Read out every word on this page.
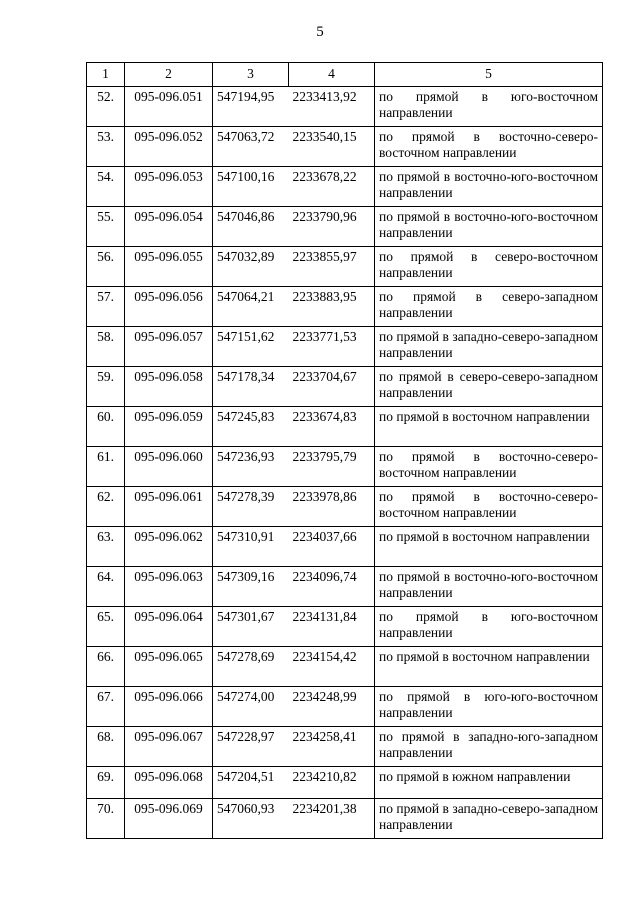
5
1	2	3	4	5
52.	095-096.051	547194,95	2233413,92	по прямой в юго-восточном направлении
53.	095-096.052	547063,72	2233540,15	по прямой в восточно-северо-восточном направлении
54.	095-096.053	547100,16	2233678,22	по прямой в восточно-юго-восточном направлении
55.	095-096.054	547046,86	2233790,96	по прямой в восточно-юго-восточном направлении
56.	095-096.055	547032,89	2233855,97	по прямой в северо-восточном направлении
57.	095-096.056	547064,21	2233883,95	по прямой в северо-западном направлении
58.	095-096.057	547151,62	2233771,53	по прямой в западно-северо-западном направлении
59.	095-096.058	547178,34	2233704,67	по прямой в северо-северо-западном направлении
60.	095-096.059	547245,83	2233674,83	по прямой в восточном направлении
61.	095-096.060	547236,93	2233795,79	по прямой в восточно-северо-восточном направлении
62.	095-096.061	547278,39	2233978,86	по прямой в восточно-северо-восточном направлении
63.	095-096.062	547310,91	2234037,66	по прямой в восточном направлении
64.	095-096.063	547309,16	2234096,74	по прямой в восточно-юго-восточном направлении
65.	095-096.064	547301,67	2234131,84	по прямой в юго-восточном направлении
66.	095-096.065	547278,69	2234154,42	по прямой в восточном направлении
67.	095-096.066	547274,00	2234248,99	по прямой в юго-юго-восточном направлении
68.	095-096.067	547228,97	2234258,41	по прямой в западно-юго-западном направлении
69.	095-096.068	547204,51	2234210,82	по прямой в южном направлении
70.	095-096.069	547060,93	2234201,38	по прямой в западно-северо-западном направлении
